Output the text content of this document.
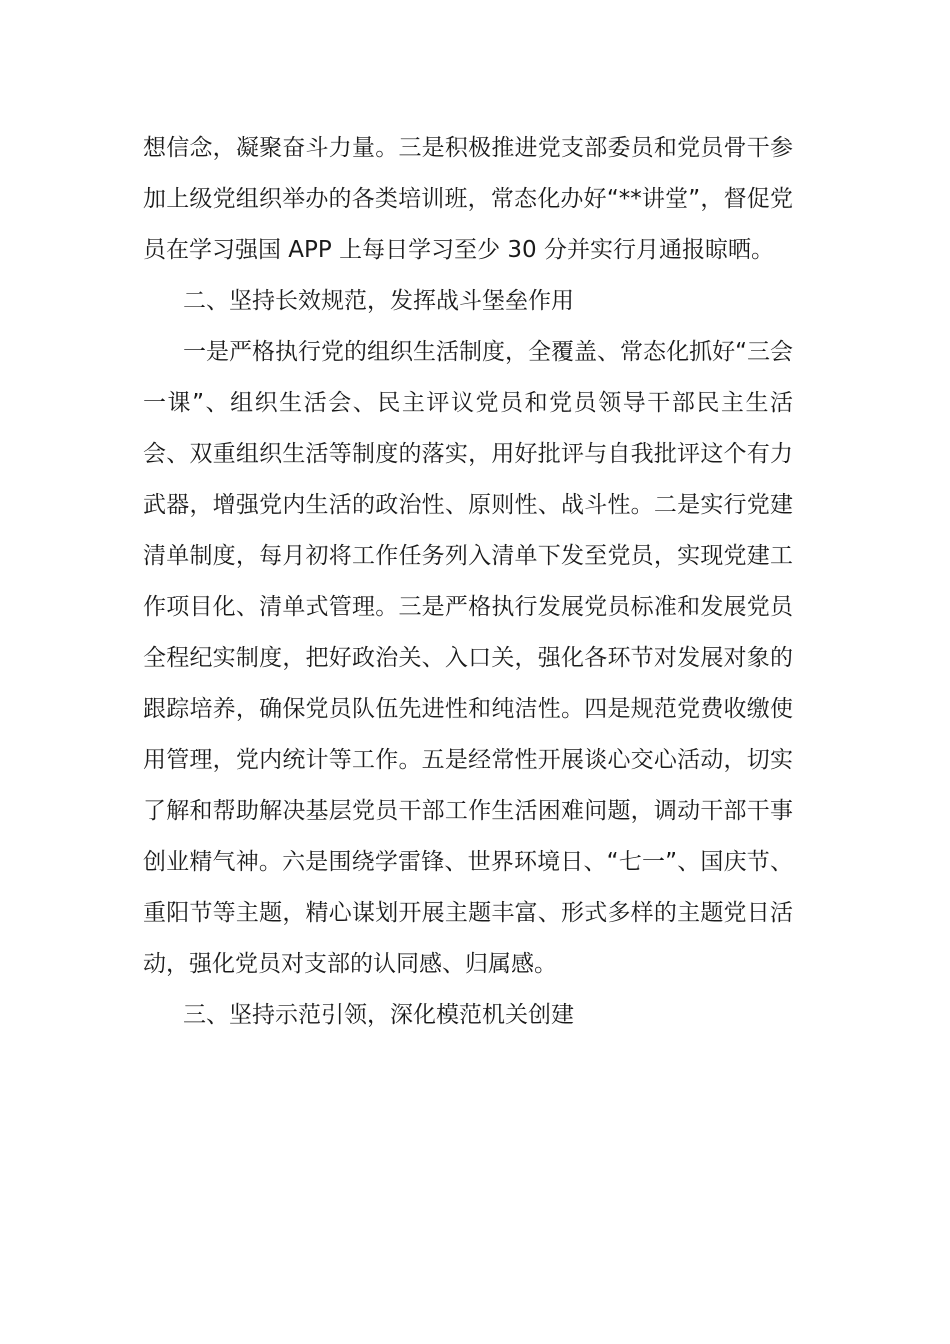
想信念，凝聚奋斗力量。三是积极推进党支部委员和党员骨干参加上级党组织举办的各类培训班，常态化办好“**讲堂”，督促党员在学习强国 APP 上每日学习至少 30 分并实行月通报晾晒。

二、坚持长效规范，发挥战斗堡垒作用

一是严格执行党的组织生活制度，全覆盖、常态化抓好“三会一课”、组织生活会、民主评议党员和党员领导干部民主生活会、双重组织生活等制度的落实，用好批评与自我批评这个有力武器，增强党内生活的政治性、原则性、战斗性。二是实行党建清单制度，每月初将工作任务列入清单下发至党员，实现党建工作项目化、清单式管理。三是严格执行发展党员标准和发展党员全程纪实制度，把好政治关、入口关，强化各环节对发展对象的跟踪培养，确保党员队伍先进性和纯洁性。四是规范党费收缴使用管理，党内统计等工作。五是经常性开展谈心交心活动，切实了解和帮助解决基层党员干部工作生活困难问题，调动干部干事创业精气神。六是围绕学雷锋、世界环境日、“七一”、国庆节、重阳节等主题，精心谋划开展主题丰富、形式多样的主题党日活动，强化党员对支部的认同感、归属感。

三、坚持示范引领，深化模范机关创建
